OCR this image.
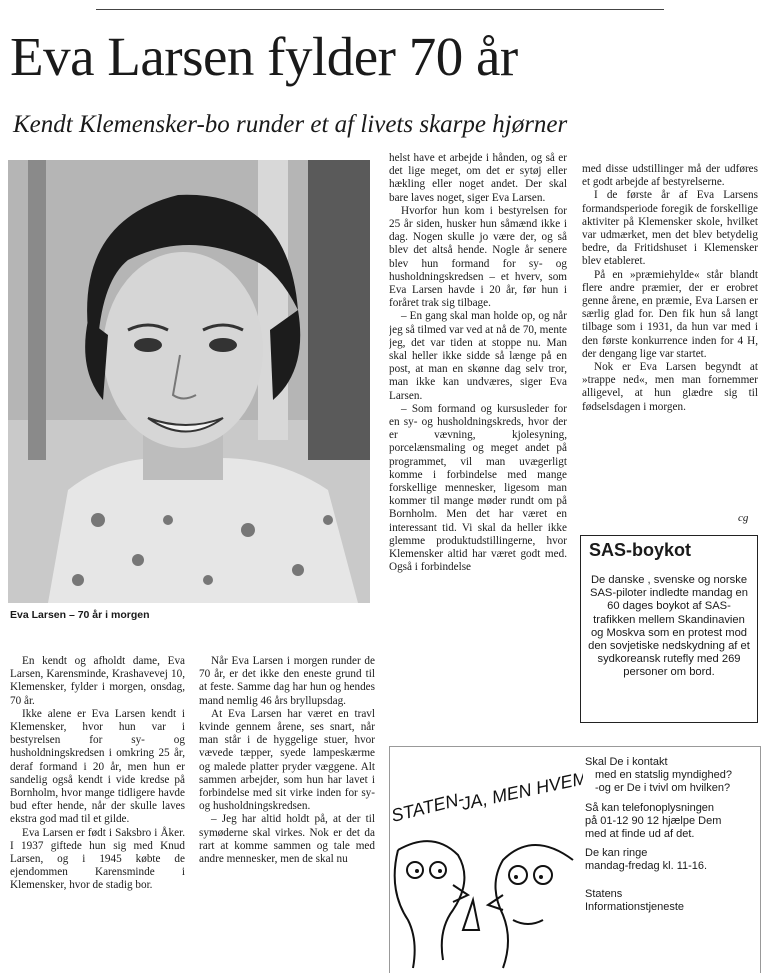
Eva Larsen fylder 70 år
Kendt Klemensker-bo runder et af livets skarpe hjørner
Eva Larsen – 70 år i morgen

En kendt og afholdt dame, Eva Larsen, Karensminde, Krashavevej 10, Klemensker, fylder i morgen, onsdag, 70 år.

Ikke alene er Eva Larsen kendt i Klemensker, hvor hun var i bestyrelsen for sy- og husholdningskredsen i omkring 25 år, deraf formand i 20 år, men hun er sandelig også kendt i vide kredse på Bornholm, hvor mange tidligere havde bud efter hende, når der skulle laves ekstra god mad til et gilde.

Eva Larsen er født i Saksbro i Åker. I 1937 giftede hun sig med Knud Larsen, og i 1945 købte de ejendommen Karensminde i Klemensker, hvor de stadig bor.

Når Eva Larsen i morgen runder de 70 år, er det ikke den eneste grund til at feste. Samme dag har hun og hendes mand nemlig 46 års bryllupsdag.

At Eva Larsen har været en travl kvinde gennem årene, ses snart, når man står i de hyggelige stuer, hvor vævede tæpper, syede lampeskærme og malede platter pryder væggene. Alt sammen arbejder, som hun har lavet i forbindelse med sit virke inden for sy- og husholdningskredsen.

– Jeg har altid holdt på, at der til symøderne skal virkes. Nok er det da rart at komme sammen og tale med andre mennesker, men de skal nu

helst have et arbejde i hånden, og så er det lige meget, om det er sytøj eller hækling eller noget andet. Der skal bare laves noget, siger Eva Larsen.

Hvorfor hun kom i bestyrelsen for 25 år siden, husker hun såmænd ikke i dag. Nogen skulle jo være der, og så blev det altså hende. Nogle år senere blev hun formand for sy- og husholdningskredsen – et hverv, som Eva Larsen havde i 20 år, før hun i foråret trak sig tilbage.

– En gang skal man holde op, og når jeg så tilmed var ved at nå de 70, mente jeg, det var tiden at stoppe nu. Man skal heller ikke sidde så længe på en post, at man en skønne dag selv tror, man ikke kan undværes, siger Eva Larsen.

– Som formand og kursusleder for en sy- og husholdningskreds, hvor der er vævning, kjolesyning, porcelænsmaling og meget andet på programmet, vil man uvægerligt komme i forbindelse med mange forskellige mennesker, ligesom man kommer til mange møder rundt om på Bornholm. Men det har været en interessant tid. Vi skal da heller ikke glemme produktudstillingerne, hvor Klemensker altid har været godt med. Også i forbindelse

med disse udstillinger må der udføres et godt arbejde af bestyrelserne.

I de første år af Eva Larsens formandsperiode foregik de forskellige aktiviter på Klemensker skole, hvilket var udmærket, men det blev betydelig bedre, da Fritidshuset i Klemensker blev etableret.

På en »præmiehylde« står blandt flere andre præmier, der er erobret genne årene, en præmie, Eva Larsen er særlig glad for. Den fik hun så langt tilbage som i 1931, da hun var med i den første konkurrence inden for 4 H, der dengang lige var startet.

Nok er Eva Larsen begyndt at »trappe ned«, men man fornemmer alligevel, at hun glædre sig til fødselsdagen i morgen.

cg
SAS-boykot
De danske , svenske og norske SAS-piloter indledte mandag en 60 dages boykot af SAS-trafikken mellem Skandinavien og Moskva som en protest mod den sovjetiske nedskydning af et sydkoreansk rutefly med 269 personer om bord.
STATEN-
JA, MEN HVEM

Skal De i kontakt
med en statslig myndighed?
-og er De i tvivl om hvilken?

Så kan telefonoplysningen
på 01-12 90 12 hjælpe Dem
med at finde ud af det.

De kan ringe
mandag-fredag kl. 11-16.

Statens
Informationstjeneste
